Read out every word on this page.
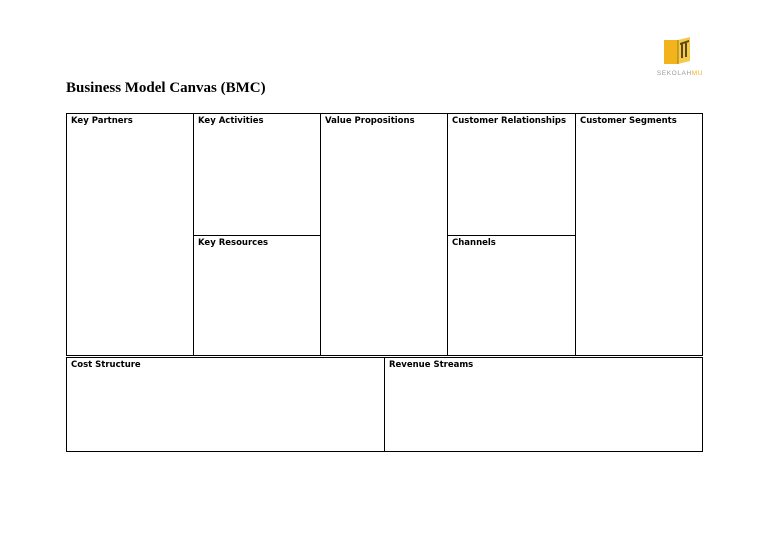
SEKOLAHMU
Business Model Canvas (BMC)
Key Partners	Key Activities
Key Resources
Value Propositions	Customer Relationships
Channels
Customer Segments
Cost Structure	Revenue Streams
